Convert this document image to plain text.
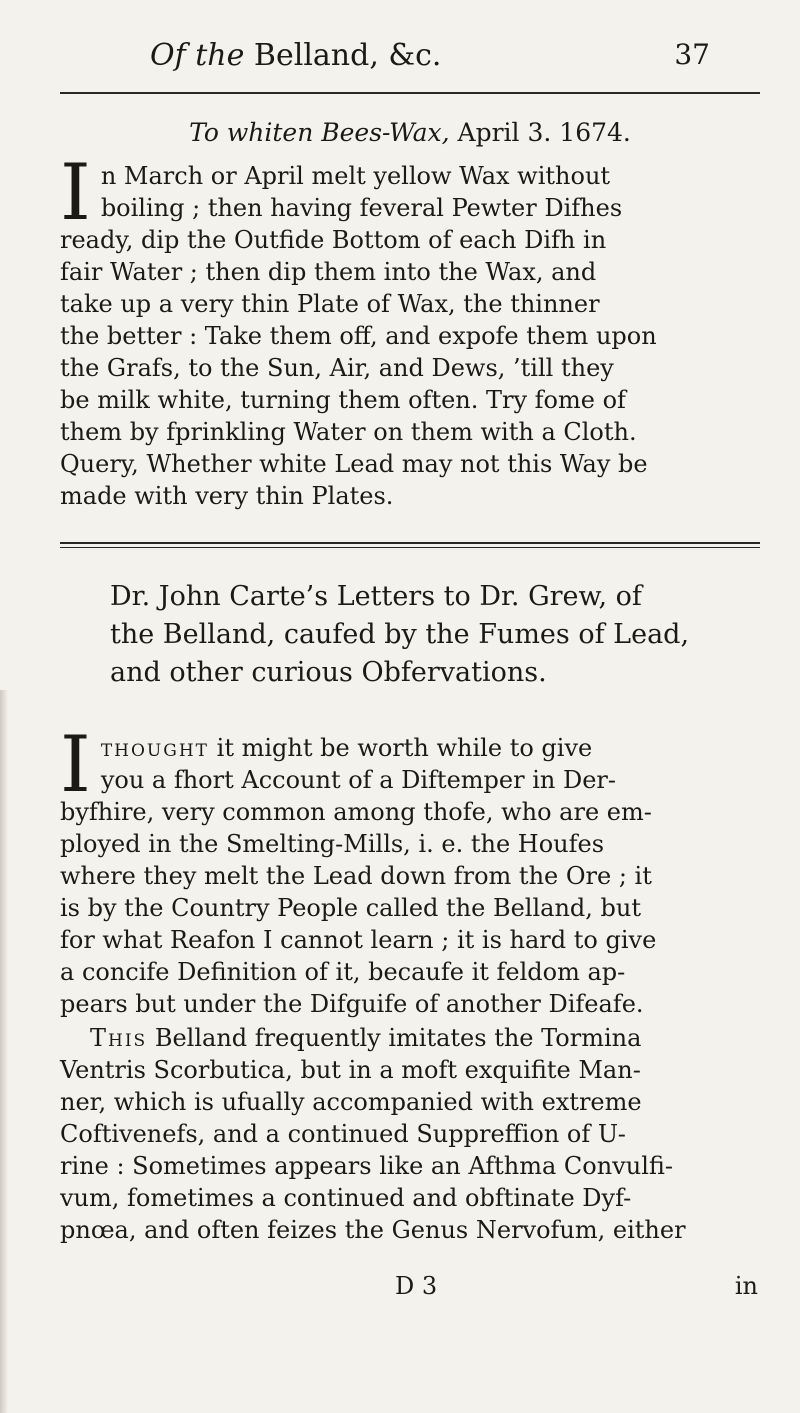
Of the Belland, &c.	37
To whiten Bees-Wax, April 3. 1674.
I n March or April melt yellow Wax without
boiling ; then having feveral Pewter Difhes
ready, dip the Outfide Bottom of each Difh in
fair Water ; then dip them into the Wax, and
take up a very thin Plate of Wax, the thinner
the better : Take them off, and expofe them upon
the Grafs, to the Sun, Air, and Dews, ’till they
be milk white, turning them often. Try fome of
them by fprinkling Water on them with a Cloth.
Query, Whether white Lead may not this Way be
made with very thin Plates.
Dr. John Carte’s Letters to Dr. Grew, of
the Belland, caufed by the Fumes of Lead,
and other curious Obfervations.
I thought it might be worth while to give
you a fhort Account of a Diftemper in Der-
byfhire, very common among thofe, who are em-
ployed in the Smelting-Mills, i. e. the Houfes
where they melt the Lead down from the Ore ; it
is by the Country People called the Belland, but
for what Reafon I cannot learn ; it is hard to give
a concife Definition of it, becaufe it feldom ap-
pears but under the Difguife of another Difeafe.
This Belland frequently imitates the Tormina
Ventris Scorbutica, but in a moft exquifite Man-
ner, which is ufually accompanied with extreme
Coftivenefs, and a continued Suppreffion of U-
rine : Sometimes appears like an Afthma Convulfi-
vum, fometimes a continued and obftinate Dyf-
pnœa, and often feizes the Genus Nervofum, either
D 3	in
